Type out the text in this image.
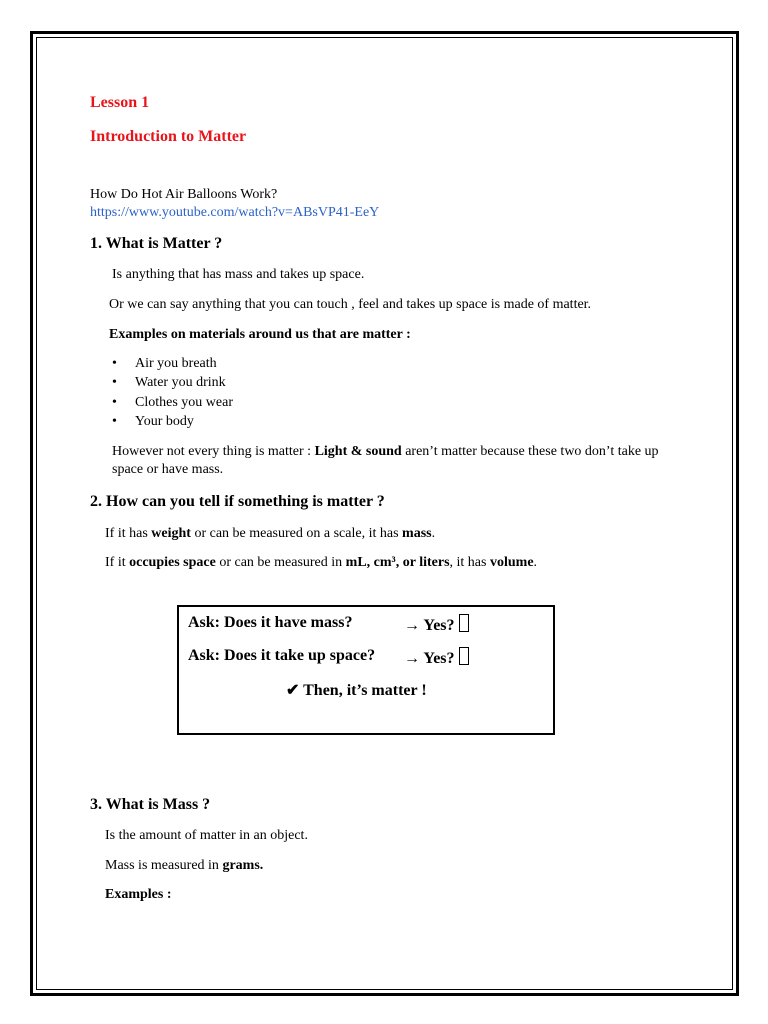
Lesson 1
Introduction to Matter
How Do Hot Air Balloons Work?
https://www.youtube.com/watch?v=ABsVP41-EeY
1. What is Matter ?
Is anything that has mass and takes up space.
Or we can say anything that you can touch , feel and takes up space is made of matter.
Examples on materials around us that are matter :
• Air you breath
• Water you drink
• Clothes you wear
• Your body
However not every thing is matter : Light & sound aren’t matter because these two don’t take up space or have mass.
2. How can you tell if something is matter ?
If it has weight or can be measured on a scale, it has mass.
If it occupies space or can be measured in mL, cm³, or liters, it has volume.
Ask: Does it have mass?	→ Yes?
Ask: Does it take up space? → Yes?
✔ Then, it’s matter !
3. What is Mass ?
Is the amount of matter in an object.
Mass is measured in grams.
Examples :
